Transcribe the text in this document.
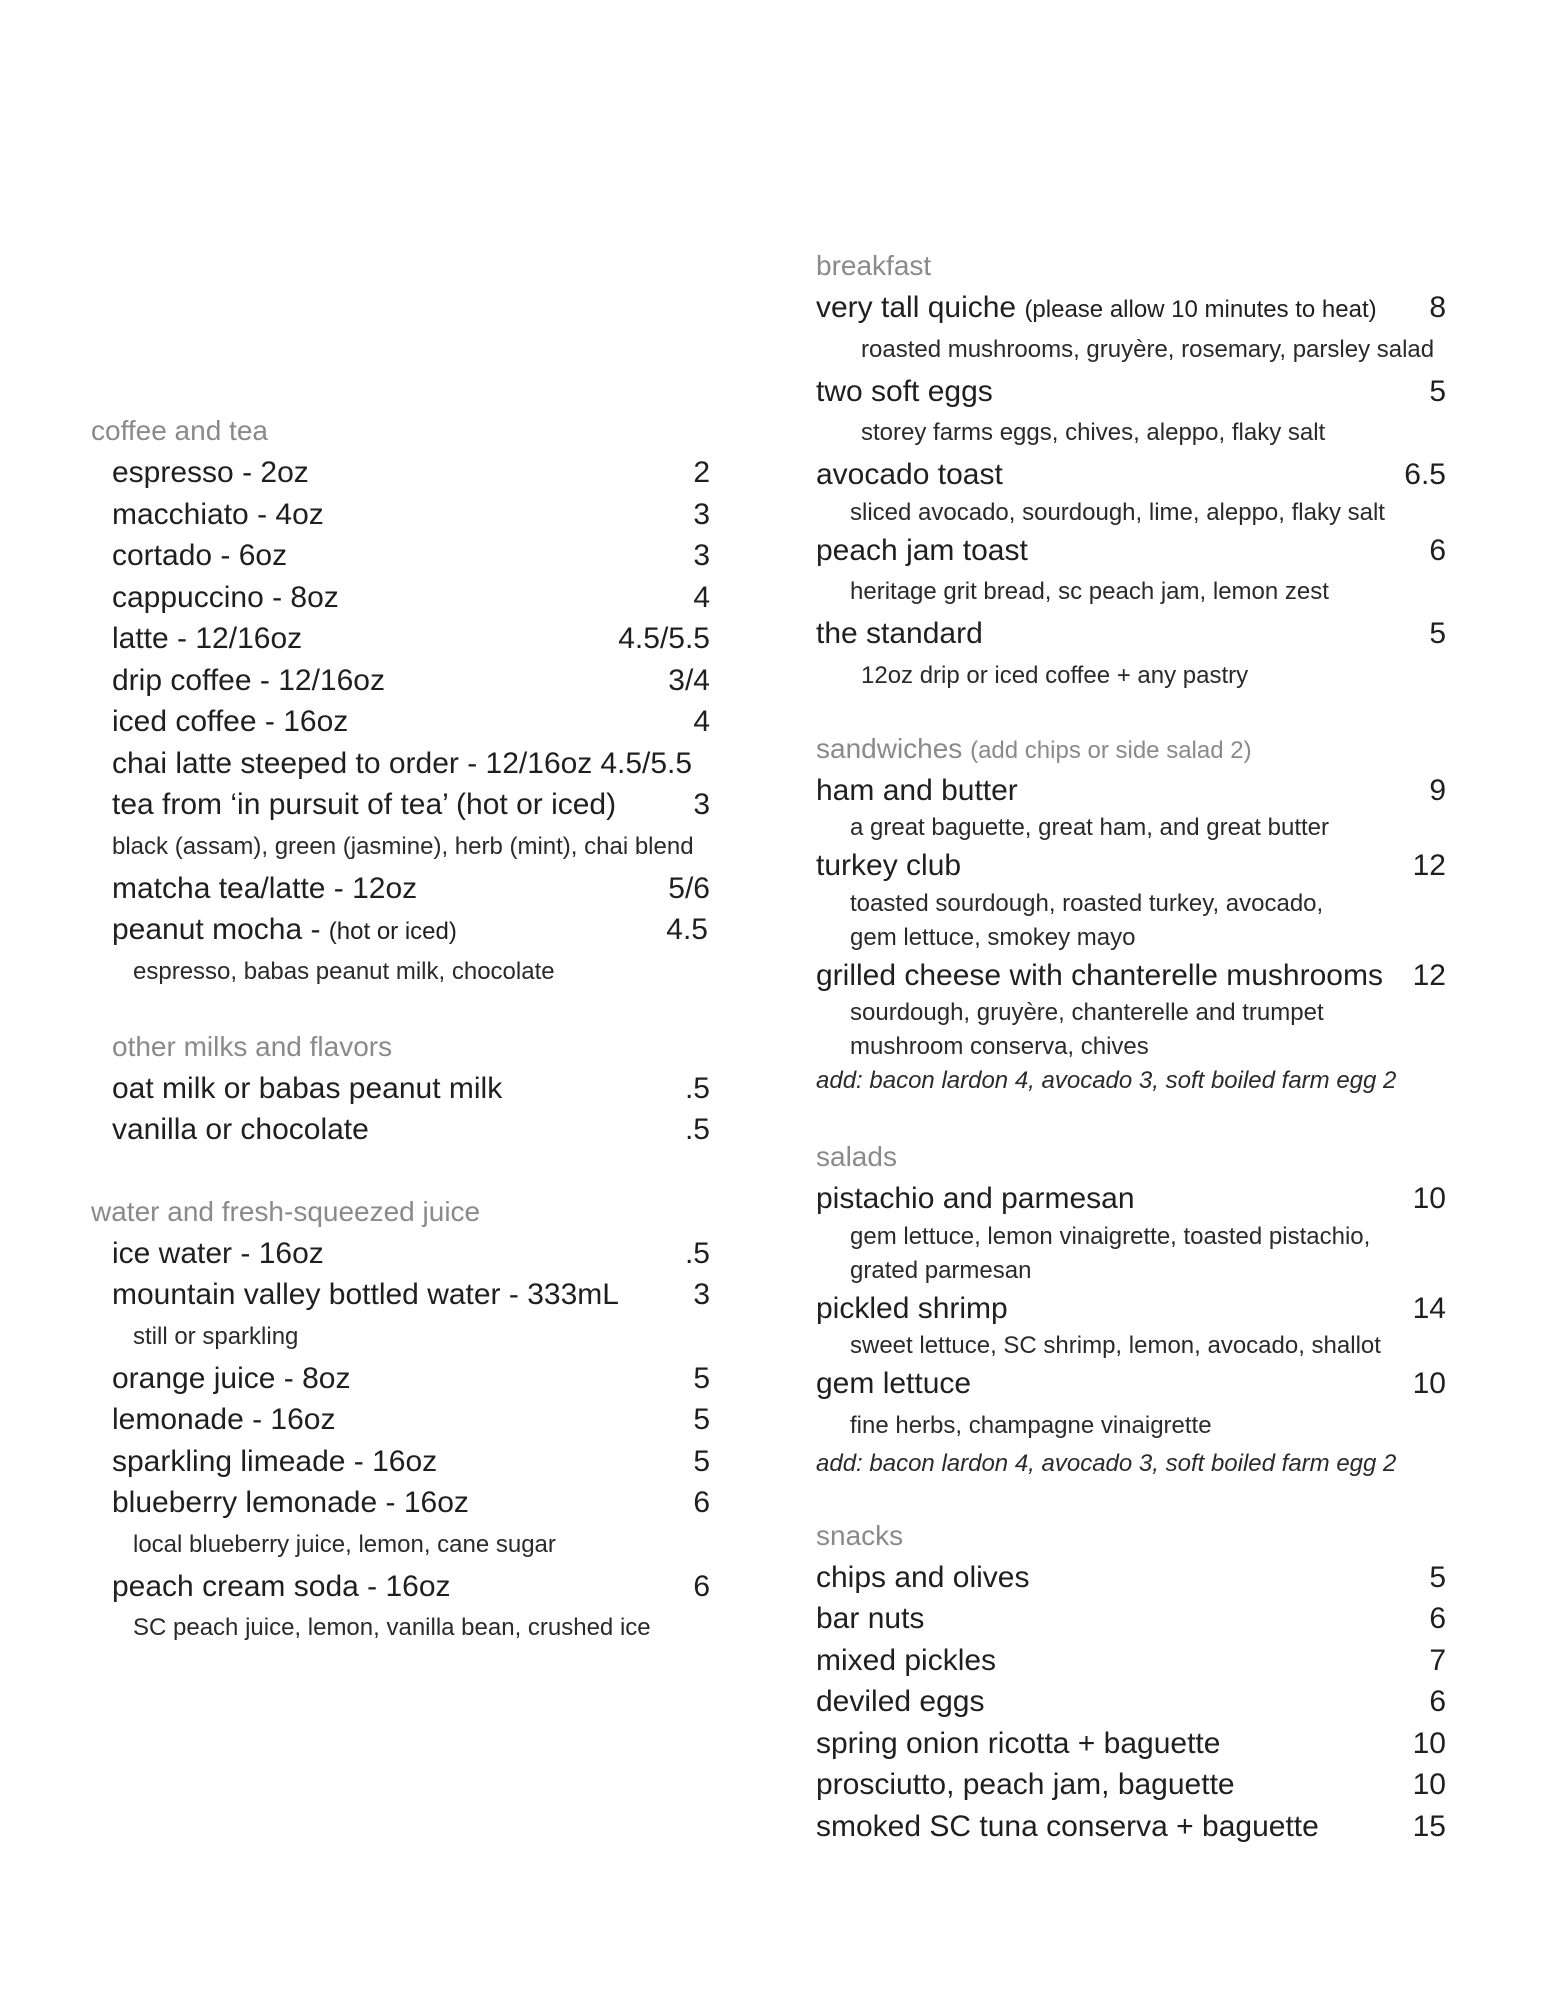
coffee and tea
espresso - 2oz	2
macchiato - 4oz	3
cortado - 6oz	3
cappuccino - 8oz	4
latte - 12/16oz	4.5/5.5
drip coffee - 12/16oz	3/4
iced coffee - 16oz	4
chai latte steeped to order - 12/16oz 4.5/5.5
tea from ‘in pursuit of tea’ (hot or iced)	3
black (assam), green (jasmine), herb (mint), chai blend
matcha tea/latte - 12oz	5/6
peanut mocha - (hot or iced)	4.5
espresso, babas peanut milk, chocolate
other milks and flavors
oat milk or babas peanut milk	.5
vanilla or chocolate	.5
water and fresh-squeezed juice
ice water - 16oz	.5
mountain valley bottled water - 333mL 3
still or sparkling
orange juice - 8oz	5
lemonade - 16oz	5
sparkling limeade - 16oz	5
blueberry lemonade - 16oz	6
local blueberry juice, lemon, cane sugar
peach cream soda - 16oz	6
SC peach juice, lemon, vanilla bean, crushed ice
breakfast
very tall quiche (please allow 10 minutes to heat) 8
roasted mushrooms, gruyère, rosemary, parsley salad
two soft eggs	5
storey farms eggs, chives, aleppo, flaky salt
avocado toast	6.5
sliced avocado, sourdough, lime, aleppo, flaky salt
peach jam toast	6
heritage grit bread, sc peach jam, lemon zest
the standard	5
12oz drip or iced coffee + any pastry
sandwiches (add chips or side salad 2)
ham and butter	9
a great baguette, great ham, and great butter
turkey club	12
toasted sourdough, roasted turkey, avocado,
gem lettuce, smokey mayo
grilled cheese with chanterelle mushrooms 12
sourdough, gruyère, chanterelle and trumpet
mushroom conserva, chives
add: bacon lardon 4, avocado 3, soft boiled farm egg 2
salads
pistachio and parmesan	10
gem lettuce, lemon vinaigrette, toasted pistachio,
grated parmesan
pickled shrimp	14
sweet lettuce, SC shrimp, lemon, avocado, shallot
gem lettuce	10
fine herbs, champagne vinaigrette
add: bacon lardon 4, avocado 3, soft boiled farm egg 2
snacks
chips and olives	5
bar nuts	6
mixed pickles	7
deviled eggs	6
spring onion ricotta + baguette	10
prosciutto, peach jam, baguette	10
smoked SC tuna conserva + baguette	15
